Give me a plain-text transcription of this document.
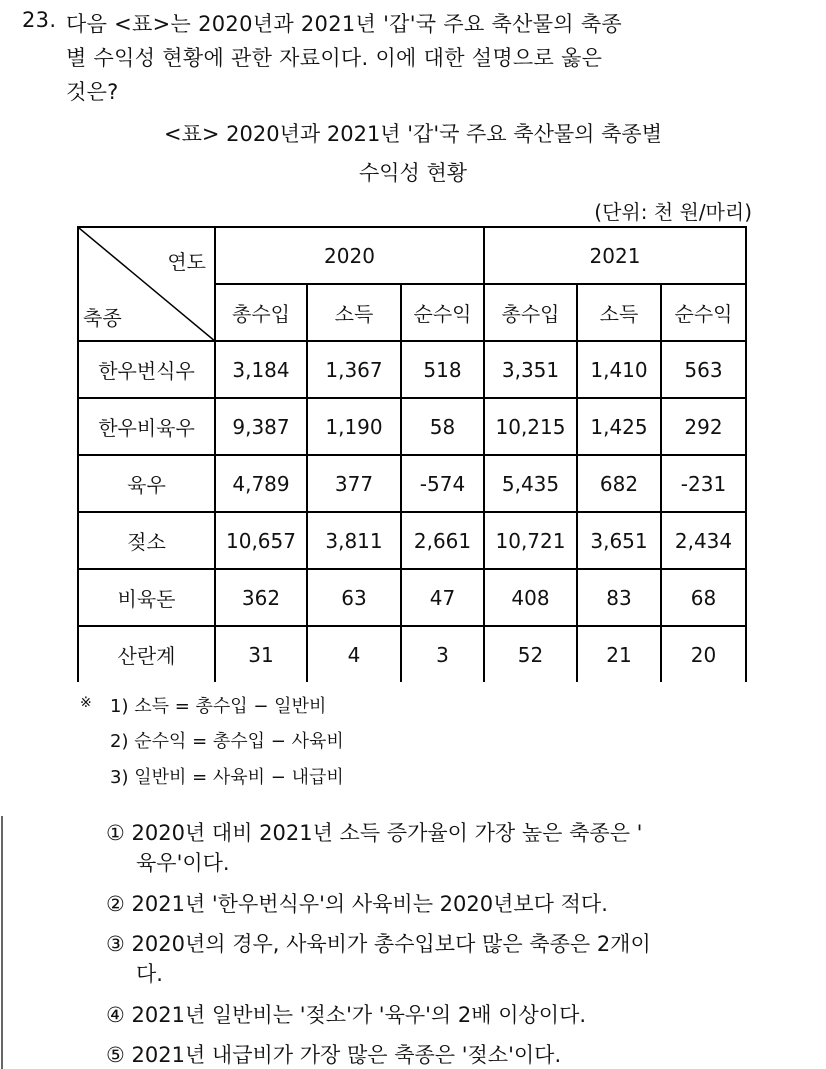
23. 다음 <표>는 2020년과 2021년 '갑'국 주요 축산물의 축종
별 수익성 현황에 관한 자료이다. 이에 대한 설명으로 옳은
것은?
<표> 2020년과 2021년 '갑'국 주요 축산물의 축종별
수익성 현황
(단위: 천 원/마리)
연도
축종	2020			2021		
	총수입	소득	순수익	총수입	소득	순수익
한우번식우	3,184	1,367	518	3,351	1,410	563
한우비육우	9,387	1,190	58	10,215	1,425	292
육우	4,789	377	-574	5,435	682	-231
젖소	10,657	3,811	2,661	10,721	3,651	2,434
비육돈	362	63	47	408	83	68
산란계	31	4	3	52	21	20
※ 1) 소득 = 총수입 − 일반비
2) 순수익 = 총수입 − 사육비
3) 일반비 = 사육비 − 내급비
① 2020년 대비 2021년 소득 증가율이 가장 높은 축종은 '
육우'이다.
② 2021년 '한우번식우'의 사육비는 2020년보다 적다.
③ 2020년의 경우, 사육비가 총수입보다 많은 축종은 2개이
다.
④ 2021년 일반비는 '젖소'가 '육우'의 2배 이상이다.
⑤ 2021년 내급비가 가장 많은 축종은 '젖소'이다.
